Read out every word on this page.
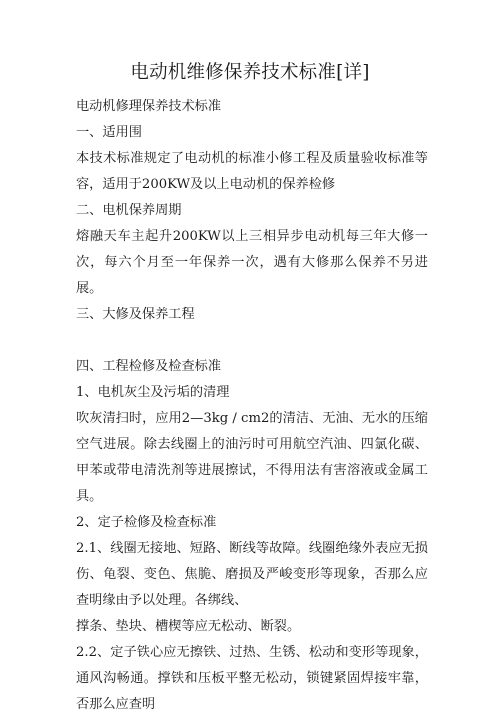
电动机维修保养技术标准[详]

电动机修理保养技术标准

一、适用围

本技术标准规定了电动机的标准小修工程及质量验收标准等容，适用于200KW及以上电动机的保养检修

二、电机保养周期

熔融天车主起升200KW以上三相异步电动机每三年大修一次，每六个月至一年保养一次，遇有大修那么保养不另进展。

三、大修及保养工程

四、工程检修及检查标准

1、电机灰尘及污垢的清理

吹灰清扫时，应用2—3kg / cm2的清洁、无油、无水的压缩空气进展。除去线圈上的油污时可用航空汽油、四氯化碳、甲苯或带电清洗剂等进展擦试，不得用法有害溶液或金属工具。

2、定子检修及检查标准

2.1、线圈无接地、短路、断线等故障。线圈绝缘外表应无损伤、龟裂、变色、焦脆、磨损及严峻变形等现象，否那么应查明缘由予以处理。各绑线、

撑条、垫块、槽楔等应无松动、断裂。

2.2、定子铁心应无擦铁、过热、生锈、松动和变形等现象，通风沟畅通。撑铁和压板平整无松动，锁键紧固焊接牢靠，否那么应查明
